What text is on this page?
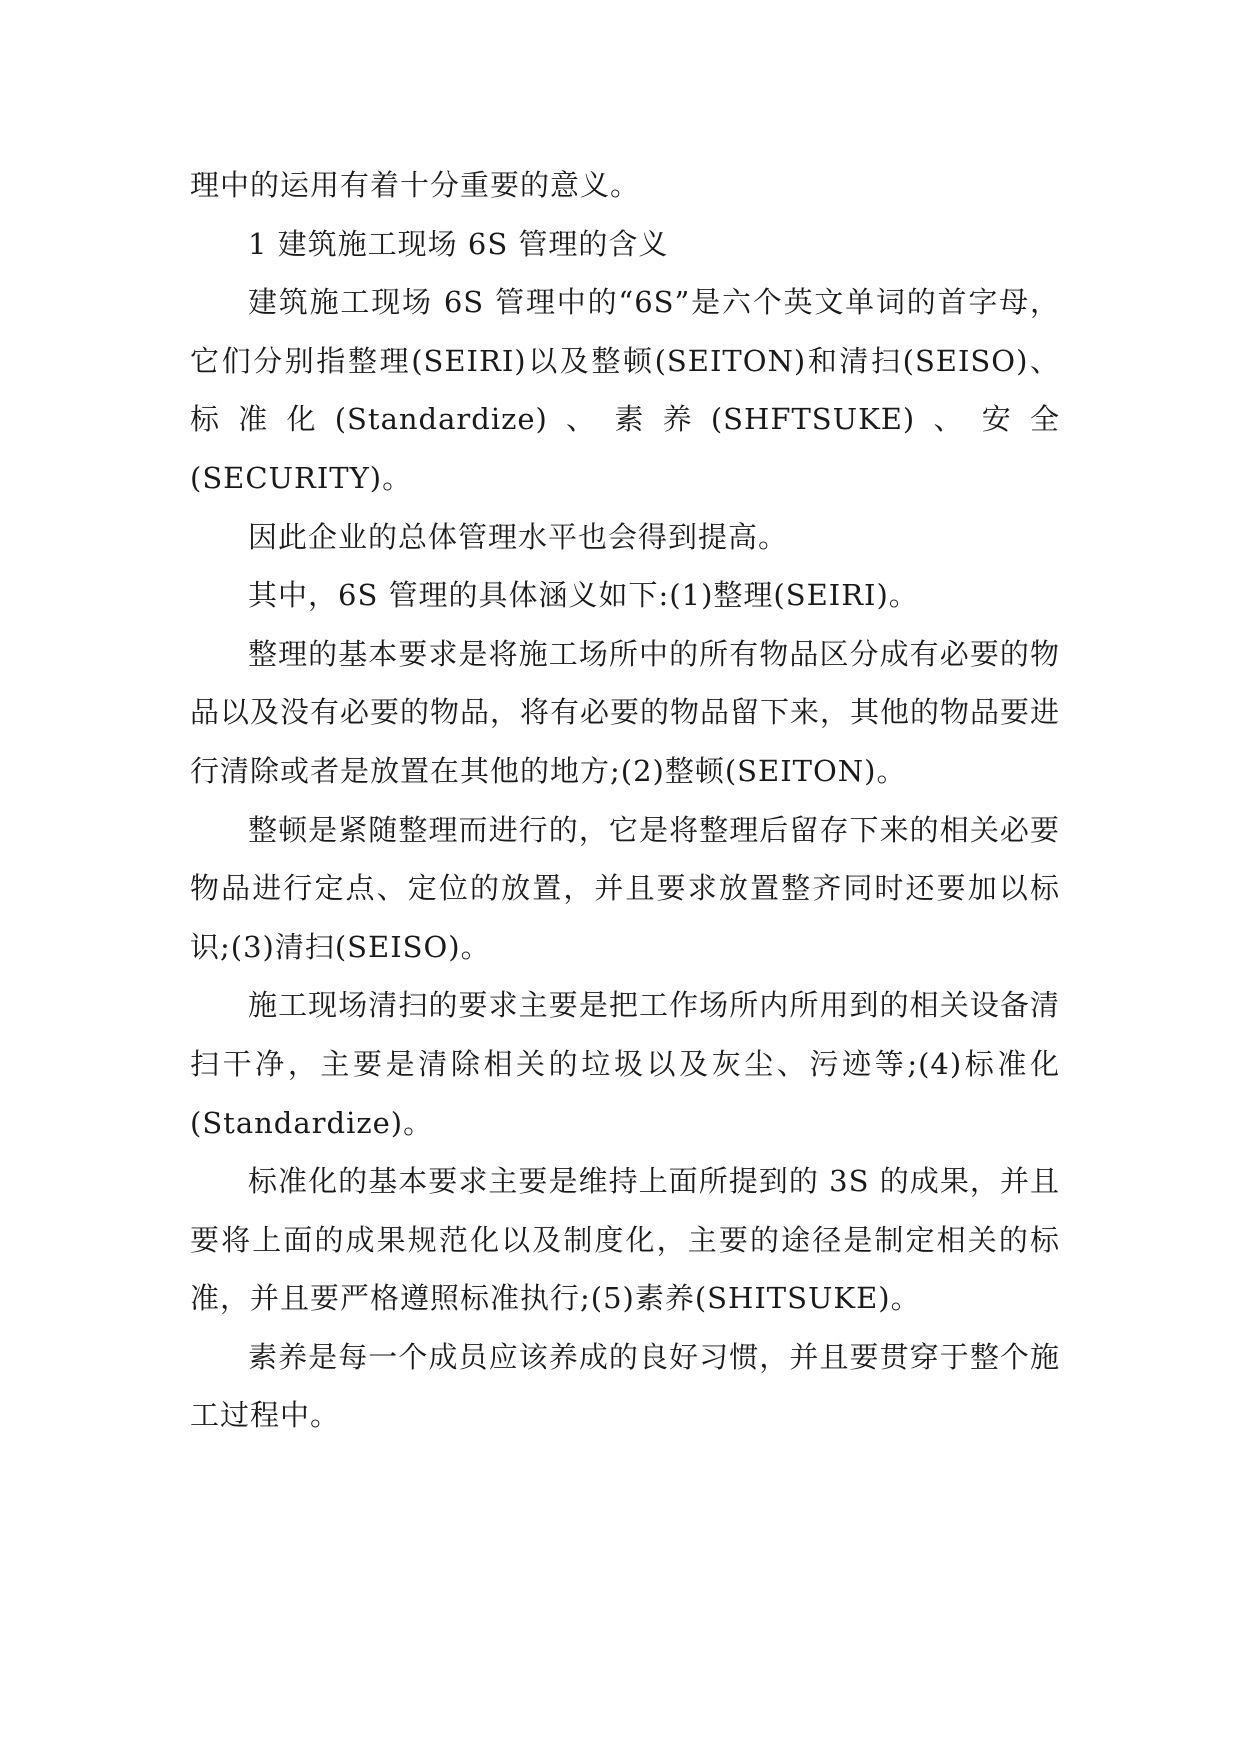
理中的运用有着十分重要的意义。

1 建筑施工现场 6S 管理的含义

建筑施工现场 6S 管理中的“6S”是六个英文单词的首字母，它们分别指整理(SEIRI)以及整顿(SEITON)和清扫(SEISO)、标准化(Standardize)、素养(SHFTSUKE)、安全(SECURITY)。

因此企业的总体管理水平也会得到提高。

其中，6S 管理的具体涵义如下:(1)整理(SEIRI)。

整理的基本要求是将施工场所中的所有物品区分成有必要的物品以及没有必要的物品，将有必要的物品留下来，其他的物品要进行清除或者是放置在其他的地方;(2)整顿(SEITON)。

整顿是紧随整理而进行的，它是将整理后留存下来的相关必要物品进行定点、定位的放置，并且要求放置整齐同时还要加以标识;(3)清扫(SEISO)。

施工现场清扫的要求主要是把工作场所内所用到的相关设备清扫干净，主要是清除相关的垃圾以及灰尘、污迹等;(4)标准化(Standardize)。

标准化的基本要求主要是维持上面所提到的 3S 的成果，并且要将上面的成果规范化以及制度化，主要的途径是制定相关的标准，并且要严格遵照标准执行;(5)素养(SHITSUKE)。

素养是每一个成员应该养成的良好习惯，并且要贯穿于整个施工过程中。
